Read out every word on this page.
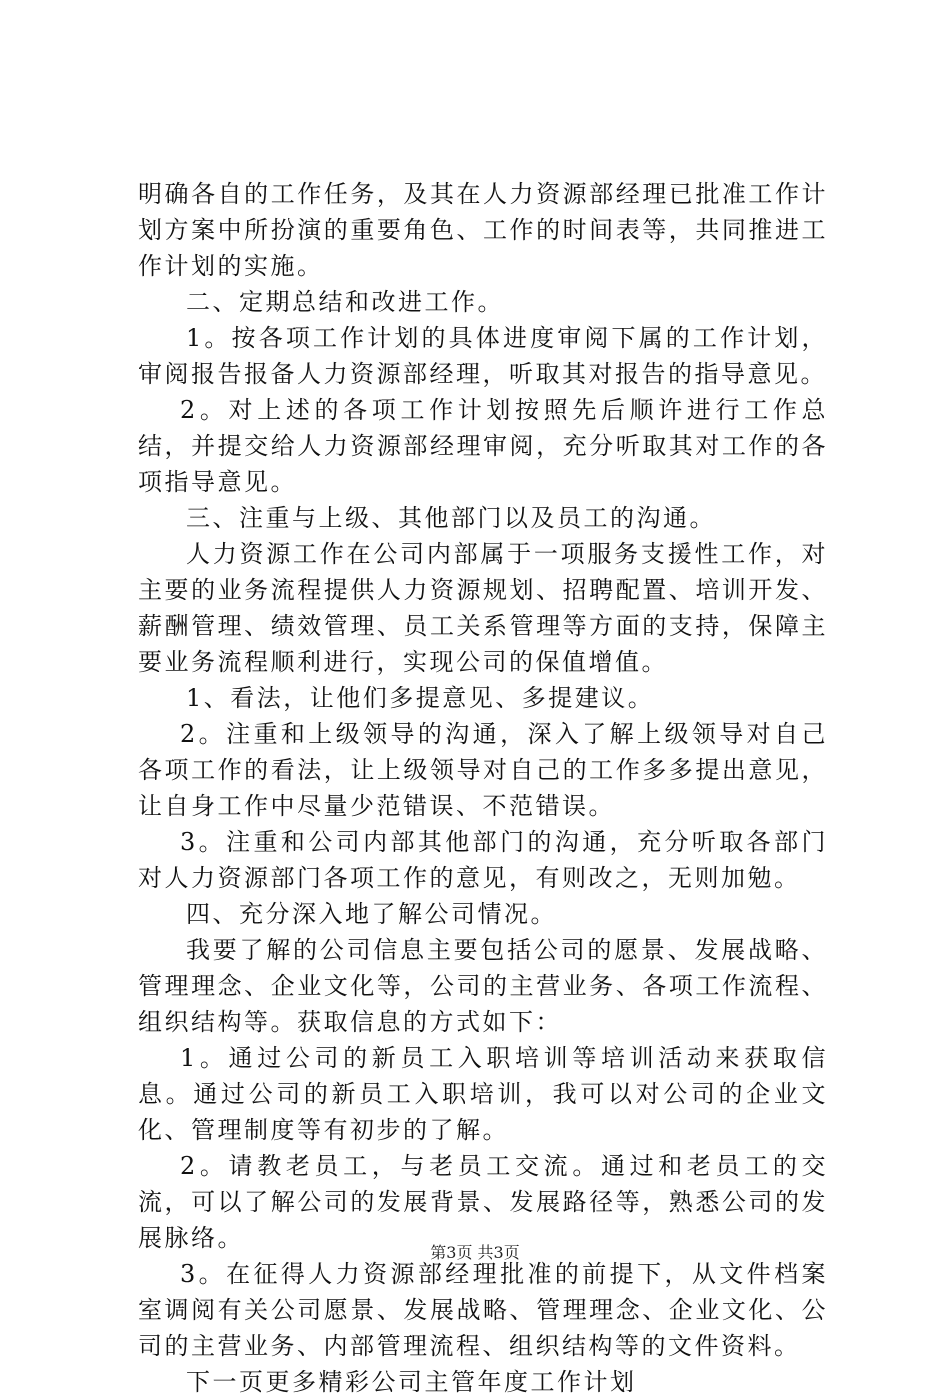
明确各自的工作任务，及其在人力资源部经理已批准工作计划方案中所扮演的重要角色、工作的时间表等，共同推进工作计划的实施。

二、定期总结和改进工作。

1。按各项工作计划的具体进度审阅下属的工作计划，审阅报告报备人力资源部经理，听取其对报告的指导意见。

2。对上述的各项工作计划按照先后顺许进行工作总结，并提交给人力资源部经理审阅，充分听取其对工作的各项指导意见。

三、注重与上级、其他部门以及员工的沟通。

人力资源工作在公司内部属于一项服务支援性工作，对主要的业务流程提供人力资源规划、招聘配置、培训开发、薪酬管理、绩效管理、员工关系管理等方面的支持，保障主要业务流程顺利进行，实现公司的保值增值。

1、看法，让他们多提意见、多提建议。

2。注重和上级领导的沟通，深入了解上级领导对自己各项工作的看法，让上级领导对自己的工作多多提出意见，让自身工作中尽量少范错误、不范错误。

3。注重和公司内部其他部门的沟通，充分听取各部门对人力资源部门各项工作的意见，有则改之，无则加勉。

四、充分深入地了解公司情况。

我要了解的公司信息主要包括公司的愿景、发展战略、管理理念、企业文化等，公司的主营业务、各项工作流程、组织结构等。获取信息的方式如下：

1。通过公司的新员工入职培训等培训活动来获取信息。通过公司的新员工入职培训，我可以对公司的企业文化、管理制度等有初步的了解。

2。请教老员工，与老员工交流。通过和老员工的交流，可以了解公司的发展背景、发展路径等，熟悉公司的发展脉络。

3。在征得人力资源部经理批准的前提下，从文件档案室调阅有关公司愿景、发展战略、管理理念、企业文化、公司的主营业务、内部管理流程、组织结构等的文件资料。

下一页更多精彩公司主管年度工作计划

第3页 共3页
